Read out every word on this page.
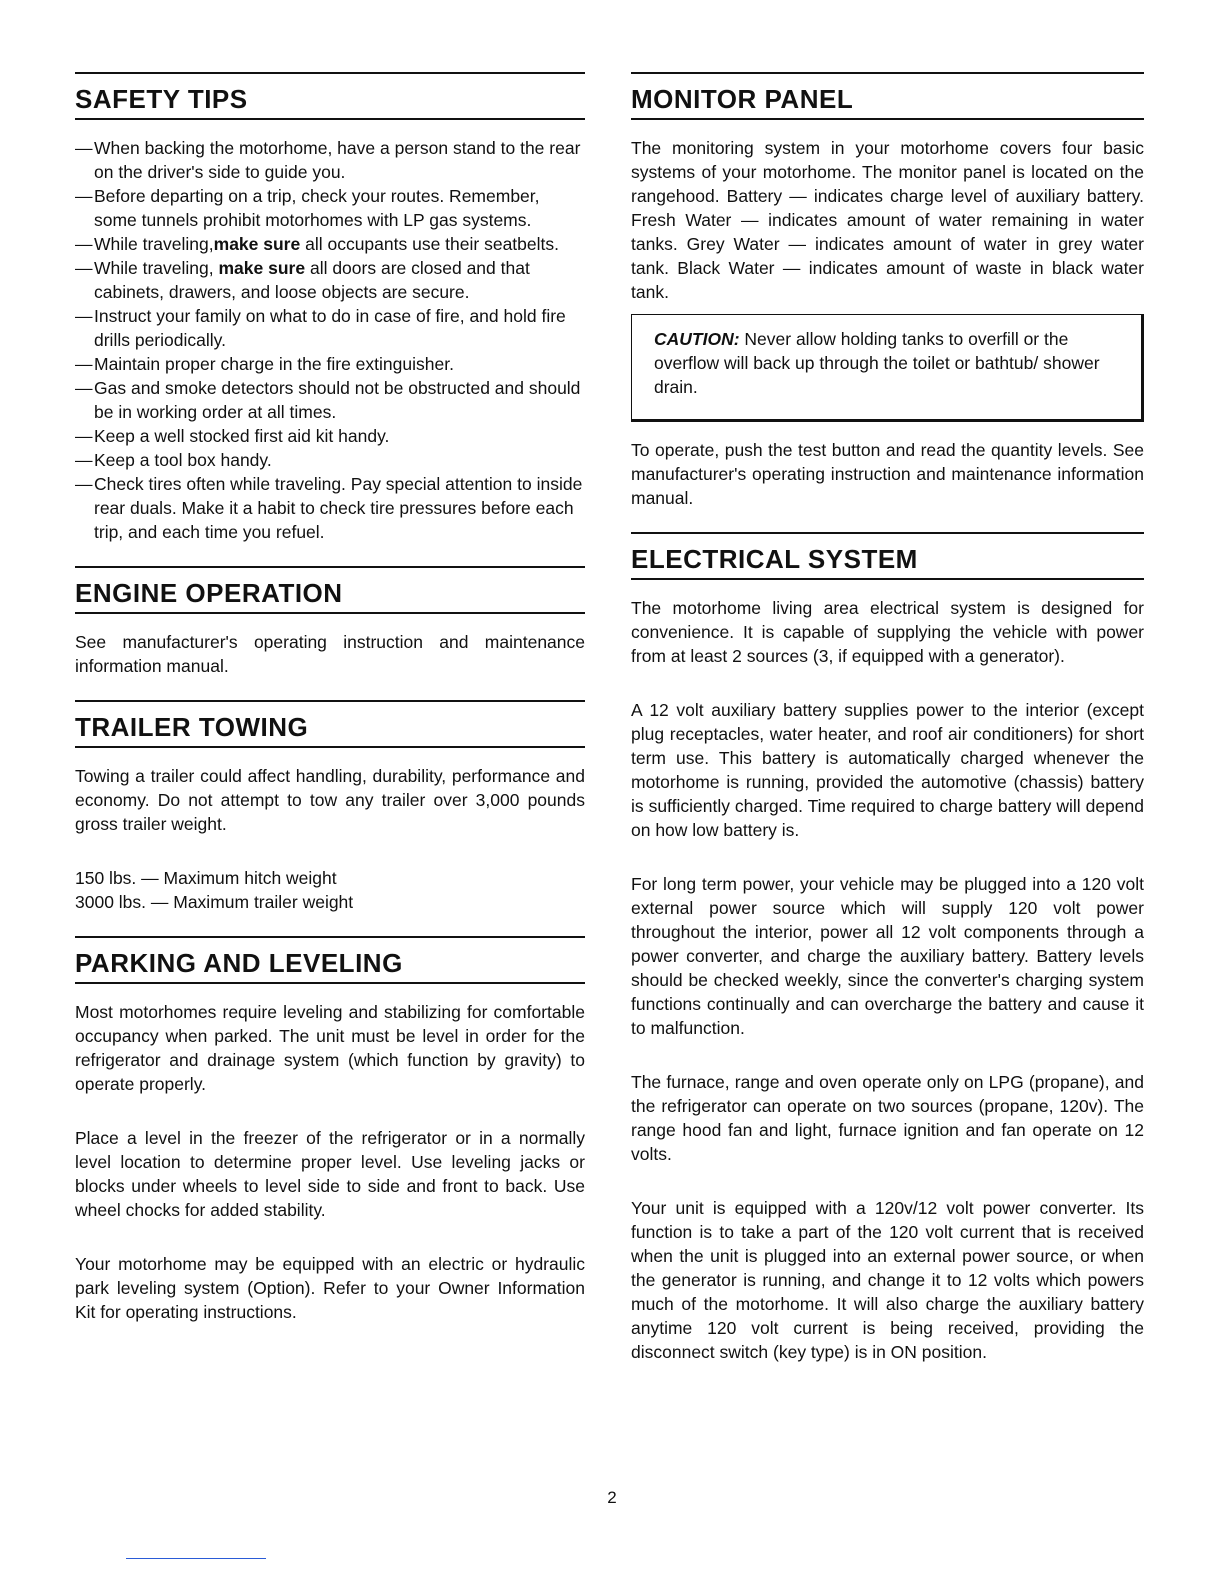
SAFETY TIPS
—When backing the motorhome, have a person stand to the rear on the driver's side to guide you.
—Before departing on a trip, check your routes. Remember, some tunnels prohibit motorhomes with LP gas systems.
—While traveling,make sure all occupants use their seatbelts.
—While traveling, make sure all doors are closed and that cabinets, drawers, and loose objects are secure.
—Instruct your family on what to do in case of fire, and hold fire drills periodically.
—Maintain proper charge in the fire extinguisher.
—Gas and smoke detectors should not be obstructed and should be in working order at all times.
—Keep a well stocked first aid kit handy.
—Keep a tool box handy.
—Check tires often while traveling. Pay special attention to inside rear duals. Make it a habit to check tire pressures before each trip, and each time you refuel.
ENGINE OPERATION

See manufacturer's operating instruction and maintenance information manual.

TRAILER TOWING

Towing a trailer could affect handling, durability, performance and economy. Do not attempt to tow any trailer over 3,000 pounds gross trailer weight.

150 lbs. — Maximum hitch weight
3000 lbs. — Maximum trailer weight
PARKING AND LEVELING

Most motorhomes require leveling and stabilizing for comfortable occupancy when parked. The unit must be level in order for the refrigerator and drainage system (which function by gravity) to operate properly.

Place a level in the freezer of the refrigerator or in a normally level location to determine proper level. Use leveling jacks or blocks under wheels to level side to side and front to back. Use wheel chocks for added stability.

Your motorhome may be equipped with an electric or hydraulic park leveling system (Option). Refer to your Owner Information Kit for operating instructions.

MONITOR PANEL

The monitoring system in your motorhome covers four basic systems of your motorhome. The monitor panel is located on the rangehood. Battery — indicates charge level of auxiliary battery. Fresh Water — indicates amount of water remaining in water tanks. Grey Water — indicates amount of water in grey water tank. Black Water — indicates amount of waste in black water tank.

CAUTION: Never allow holding tanks to overfill or the overflow will back up through the toilet or bathtub/ shower drain.

To operate, push the test button and read the quantity levels. See manufacturer's operating instruction and maintenance information manual.

ELECTRICAL SYSTEM

The motorhome living area electrical system is designed for convenience. It is capable of supplying the vehicle with power from at least 2 sources (3, if equipped with a generator).

A 12 volt auxiliary battery supplies power to the interior (except plug receptacles, water heater, and roof air conditioners) for short term use. This battery is automatically charged whenever the motorhome is running, provided the automotive (chassis) battery is sufficiently charged. Time required to charge battery will depend on how low battery is.

For long term power, your vehicle may be plugged into a 120 volt external power source which will supply 120 volt power throughout the interior, power all 12 volt components through a power converter, and charge the auxiliary battery. Battery levels should be checked weekly, since the converter's charging system functions continually and can overcharge the battery and cause it to malfunction.

The furnace, range and oven operate only on LPG (propane), and the refrigerator can operate on two sources (propane, 120v). The range hood fan and light, furnace ignition and fan operate on 12 volts.

Your unit is equipped with a 120v/12 volt power converter. Its function is to take a part of the 120 volt current that is received when the unit is plugged into an external power source, or when the generator is running, and change it to 12 volts which powers much of the motorhome. It will also charge the auxiliary battery anytime 120 volt current is being received, providing the disconnect switch (key type) is in ON position.

2
